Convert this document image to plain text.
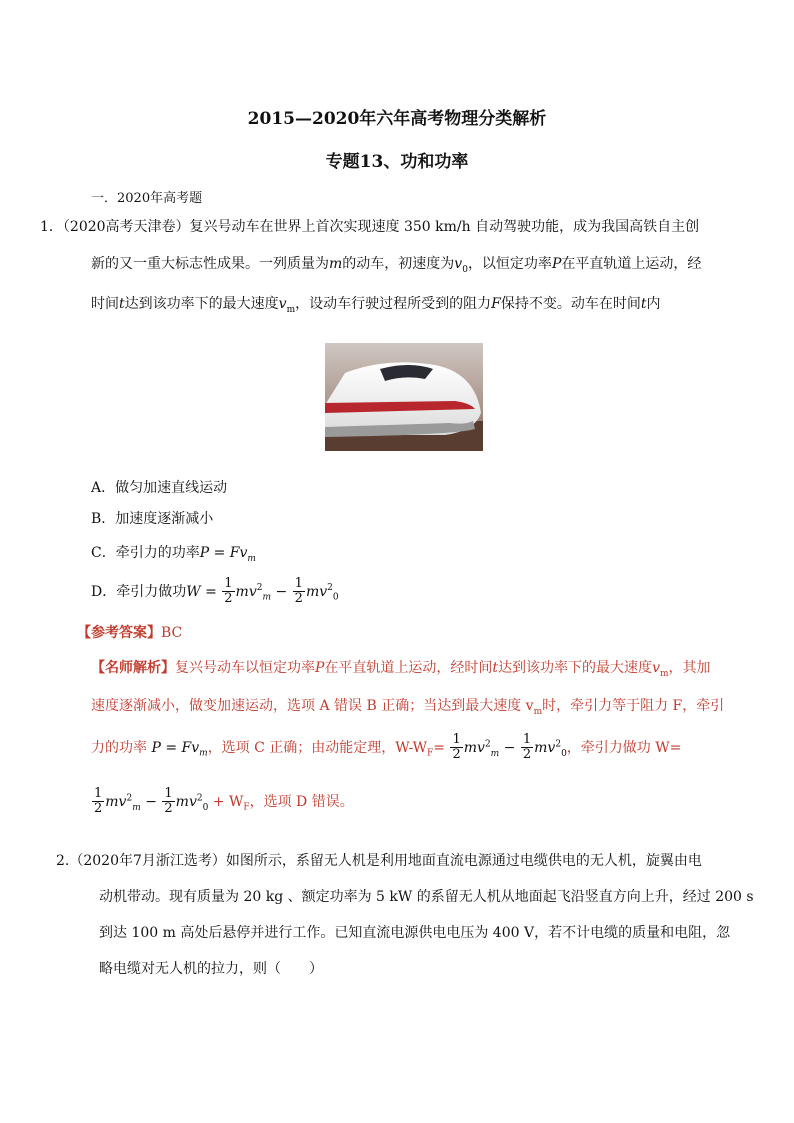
2015—2020年六年高考物理分类解析
专题13、功和功率
一．2020年高考题
1．（2020高考天津卷）复兴号动车在世界上首次实现速度 350 km/h 自动驾驶功能，成为我国高铁自主创
新的又一重大标志性成果。一列质量为m的动车，初速度为$v_0$，以恒定功率P在平直轨道上运动，经
时间t达到该功率下的最大速度$v_m$，设动车行驶过程所受到的阻力F保持不变。动车在时间t内
A．做匀加速直线运动
B．加速度逐渐减小
C．牵引力的功率$P = Fv_m$
D．牵引力做功$W = \frac{1}{2} mv^2_m - \frac{1}{2} mv^2_0$
【参考答案】BC
【名师解析】复兴号动车以恒定功率P在平直轨道上运动，经时间t达到该功率下的最大速度$v_m$，其加
速度逐渐减小，做变加速运动，选项 A 错误 B 正确；当达到最大速度 $v_m$时，牵引力等于阻力 F，牵引
力的功率 $P = Fv_m$，选项 C 正确；由动能定理，$W-W_F= \frac{1}{2} mv^2_m - \frac{1}{2} mv^2_0$，牵引力做功 W=
$\frac{1}{2} mv^2_m - \frac{1}{2} mv^2_0 + W_F$，选项 D 错误。
2.（2020年7月浙江选考）如图所示，系留无人机是利用地面直流电源通过电缆供电的无人机，旋翼由电
动机带动。现有质量为 20 kg 、额定功率为 5 kW 的系留无人机从地面起飞沿竖直方向上升，经过 200 s
到达 100 m 高处后悬停并进行工作。已知直流电源供电电压为 400 V，若不计电缆的质量和电阻，忽
略电缆对无人机的拉力，则（　　）
